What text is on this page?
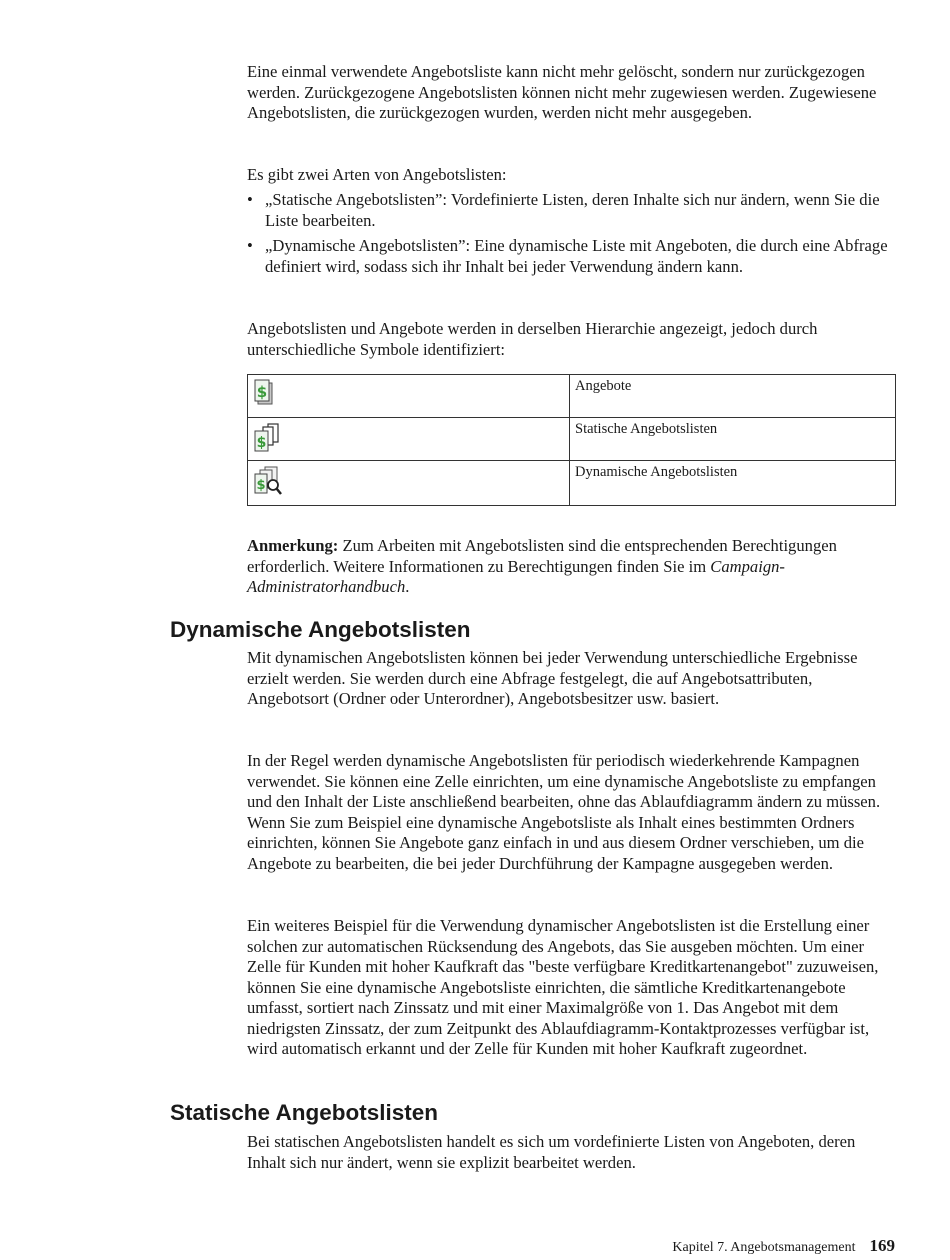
Eine einmal verwendete Angebotsliste kann nicht mehr gelöscht, sondern nur zurückgezogen werden. Zurückgezogene Angebotslisten können nicht mehr zugewiesen werden. Zugewiesene Angebotslisten, die zurückgezogen wurden, werden nicht mehr ausgegeben.

Es gibt zwei Arten von Angebotslisten:

• „Statische Angebotslisten”: Vordefinierte Listen, deren Inhalte sich nur ändern, wenn Sie die Liste bearbeiten.
• „Dynamische Angebotslisten”: Eine dynamische Liste mit Angeboten, die durch eine Abfrage definiert wird, sodass sich ihr Inhalt bei jeder Verwendung ändern kann.

Angebotslisten und Angebote werden in derselben Hierarchie angezeigt, jedoch durch unterschiedliche Symbole identifiziert:

$	Angebote

$	Statische Angebotslisten

$	Dynamische Angebotslisten

Anmerkung: Zum Arbeiten mit Angebotslisten sind die entsprechenden Berechtigungen erforderlich. Weitere Informationen zu Berechtigungen finden Sie im Campaign-Administratorhandbuch.

Dynamische Angebotslisten

Mit dynamischen Angebotslisten können bei jeder Verwendung unterschiedliche Ergebnisse erzielt werden. Sie werden durch eine Abfrage festgelegt, die auf Angebotsattributen, Angebotsort (Ordner oder Unterordner), Angebotsbesitzer usw. basiert.

In der Regel werden dynamische Angebotslisten für periodisch wiederkehrende Kampagnen verwendet. Sie können eine Zelle einrichten, um eine dynamische Angebotsliste zu empfangen und den Inhalt der Liste anschließend bearbeiten, ohne das Ablaufdiagramm ändern zu müssen. Wenn Sie zum Beispiel eine dynamische Angebotsliste als Inhalt eines bestimmten Ordners einrichten, können Sie Angebote ganz einfach in und aus diesem Ordner verschieben, um die Angebote zu bearbeiten, die bei jeder Durchführung der Kampagne ausgegeben werden.

Ein weiteres Beispiel für die Verwendung dynamischer Angebotslisten ist die Erstellung einer solchen zur automatischen Rücksendung des Angebots, das Sie ausgeben möchten. Um einer Zelle für Kunden mit hoher Kaufkraft das "beste verfügbare Kreditkartenangebot" zuzuweisen, können Sie eine dynamische Angebotsliste einrichten, die sämtliche Kreditkartenangebote umfasst, sortiert nach Zinssatz und mit einer Maximalgröße von 1. Das Angebot mit dem niedrigsten Zinssatz, der zum Zeitpunkt des Ablaufdiagramm-Kontaktprozesses verfügbar ist, wird automatisch erkannt und der Zelle für Kunden mit hoher Kaufkraft zugeordnet.

Statische Angebotslisten

Bei statischen Angebotslisten handelt es sich um vordefinierte Listen von Angeboten, deren Inhalt sich nur ändert, wenn sie explizit bearbeitet werden.

Kapitel 7. Angebotsmanagement 169
